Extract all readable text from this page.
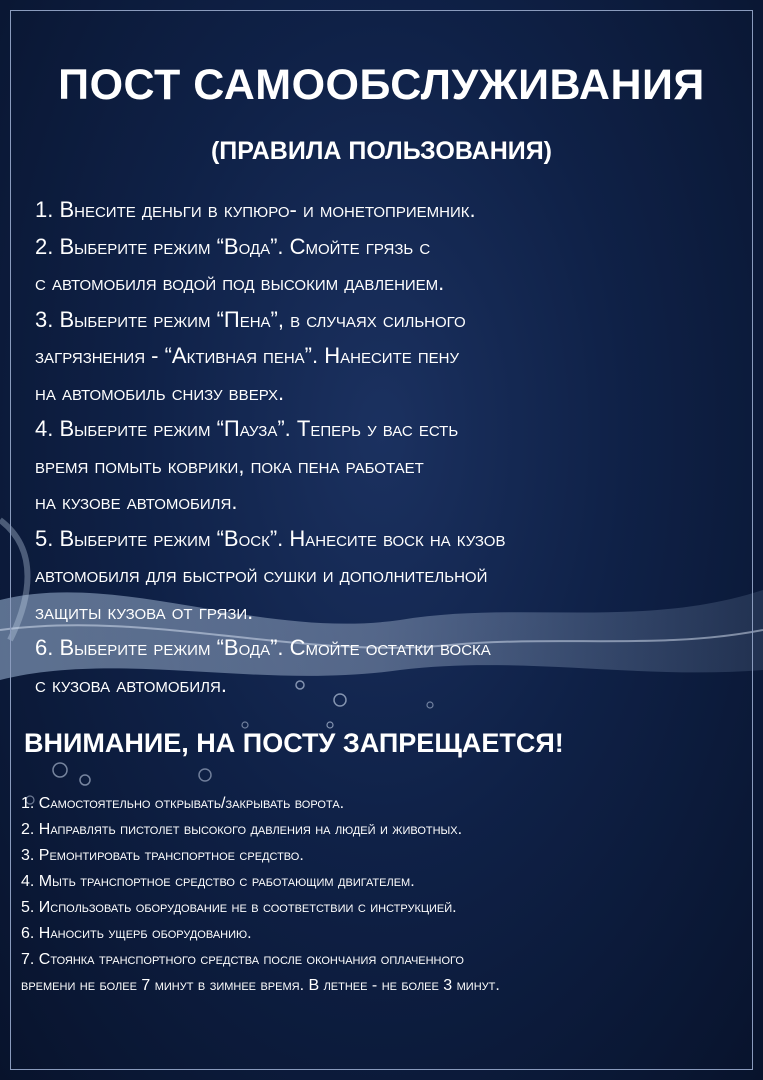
ПОСТ САМООБСЛУЖИВАНИЯ
(ПРАВИЛА ПОЛЬЗОВАНИЯ)
1. Внесите деньги в купюро- и монетоприемник.
2. Выберите режим “Вода”. Смойте грязь с
с автомобиля водой под высоким давлением.
3. Выберите режим “Пена”, в случаях сильного
загрязнения - “Активная пена”. Нанесите пену
на автомобиль снизу вверх.
4. Выберите режим “Пауза”. Теперь у вас есть
время помыть коврики, пока пена работает
на кузове автомобиля.
5. Выберите режим “Воск”. Нанесите воск на кузов
автомобиля для быстрой сушки и дополнительной
защиты кузова от грязи.
6. Выберите режим “Вода”. Смойте остатки воска
с кузова автомобиля.
ВНИМАНИЕ, НА ПОСТУ ЗАПРЕЩАЕТСЯ!
1. Самостоятельно открывать/закрывать ворота.
2. Направлять пистолет высокого давления на людей и животных.
3. Ремонтировать транспортное средство.
4. Мыть транспортное средство с работающим двигателем.
5. Использовать оборудование не в соответствии с инструкцией.
6. Наносить ущерб оборудованию.
7. Стоянка транспортного средства после окончания оплаченного
времени не более 7 минут в зимнее время. В летнее - не более 3 минут.
